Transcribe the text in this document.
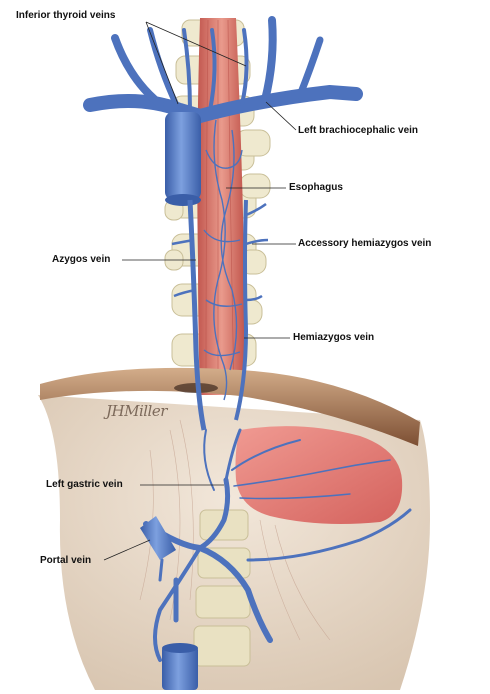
Inferior thyroid veins
Left brachiocephalic vein
Esophagus
Accessory hemiazygos vein
Azygos vein
Hemiazygos vein
Left gastric vein
Portal vein
JHMiller
